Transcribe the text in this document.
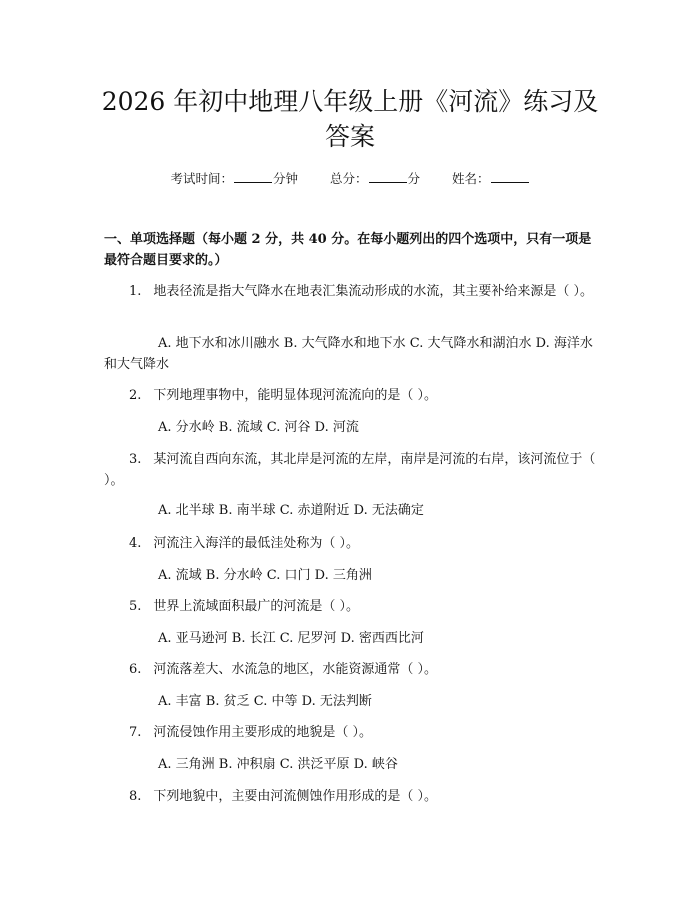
2026 年初中地理八年级上册《河流》练习及答案
考试时间：	分钟	总分：	分	姓名：
一、单项选择题（每小题 2 分，共 40 分。在每小题列出的四个选项中，只有一项是最符合题目要求的。）
1. 地表径流是指大气降水在地表汇集流动形成的水流，其主要补给来源是（ ）。
A. 地下水和冰川融水 B. 大气降水和地下水 C. 大气降水和湖泊水 D. 海洋水和大气降水
2. 下列地理事物中，能明显体现河流流向的是（ ）。
A. 分水岭 B. 流域 C. 河谷 D. 河流
3. 某河流自西向东流，其北岸是河流的左岸，南岸是河流的右岸，该河流位于（ ）。
A. 北半球 B. 南半球 C. 赤道附近 D. 无法确定
4. 河流注入海洋的最低洼处称为（ ）。
A. 流域 B. 分水岭 C. 口门 D. 三角洲
5. 世界上流域面积最广的河流是（ ）。
A. 亚马逊河 B. 长江 C. 尼罗河 D. 密西西比河
6. 河流落差大、水流急的地区，水能资源通常（ ）。
A. 丰富 B. 贫乏 C. 中等 D. 无法判断
7. 河流侵蚀作用主要形成的地貌是（ ）。
A. 三角洲 B. 冲积扇 C. 洪泛平原 D. 峡谷
8. 下列地貌中，主要由河流侧蚀作用形成的是（ ）。
